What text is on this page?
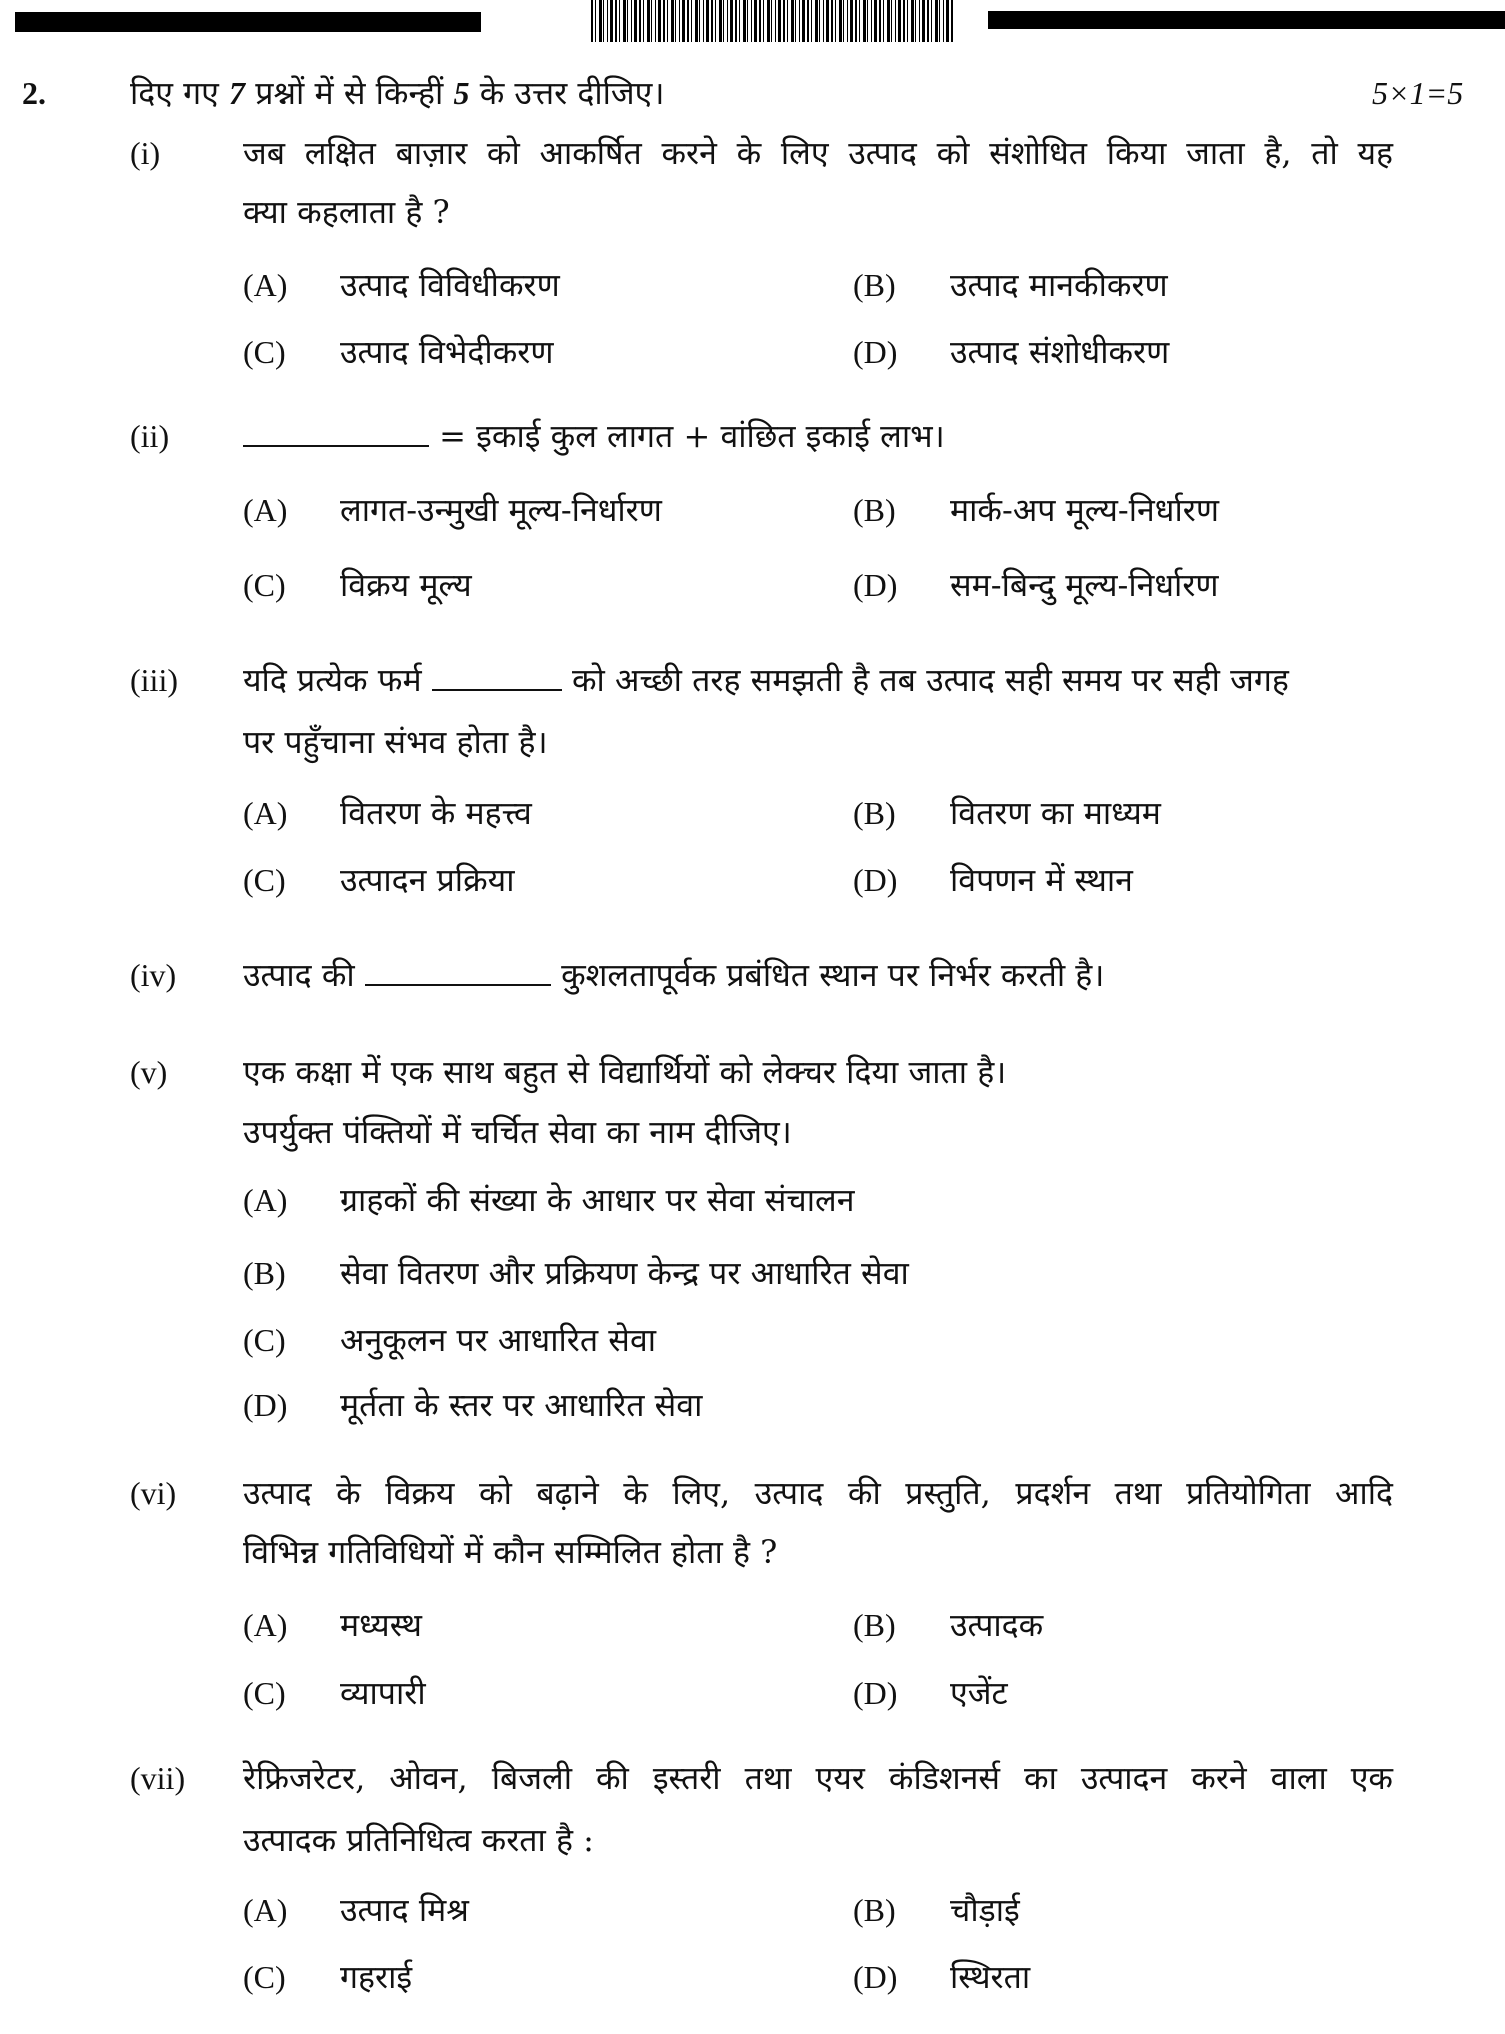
2.	दिए गए 7 प्रश्नों में से किन्हीं 5 के उत्तर दीजिए।	5×1=5
(i)	जब लक्षित बाज़ार को आकर्षित करने के लिए उत्पाद को संशोधित किया जाता है, तो यह
क्या कहलाता है ?
(A) उत्पाद विविधीकरण	(B) उत्पाद मानकीकरण
(C) उत्पाद विभेदीकरण	(D) उत्पाद संशोधीकरण
(ii)	= इकाई कुल लागत + वांछित इकाई लाभ।
(A) लागत-उन्मुखी मूल्य-निर्धारण	(B) मार्क-अप मूल्य-निर्धारण
(C) विक्रय मूल्य	(D) सम-बिन्दु मूल्य-निर्धारण
(iii) यदि प्रत्येक फर्म	को अच्छी तरह समझती है तब उत्पाद सही समय पर सही जगह
पर पहुँचाना संभव होता है।
(A) वितरण के महत्त्व	(B) वितरण का माध्यम
(C) उत्पादन प्रक्रिया	(D) विपणन में स्थान
(iv) उत्पाद की	कुशलतापूर्वक प्रबंधित स्थान पर निर्भर करती है।
(v) एक कक्षा में एक साथ बहुत से विद्यार्थियों को लेक्चर दिया जाता है।
उपर्युक्त पंक्तियों में चर्चित सेवा का नाम दीजिए।
(A) ग्राहकों की संख्या के आधार पर सेवा संचालन
(B) सेवा वितरण और प्रक्रियण केन्द्र पर आधारित सेवा
(C) अनुकूलन पर आधारित सेवा
(D) मूर्तता के स्तर पर आधारित सेवा
(vi) उत्पाद के विक्रय को बढ़ाने के लिए, उत्पाद की प्रस्तुति, प्रदर्शन तथा प्रतियोगिता आदि
विभिन्न गतिविधियों में कौन सम्मिलित होता है ?
(A) मध्यस्थ	(B) उत्पादक
(C) व्यापारी	(D) एजेंट
(vii) रेफ्रिजरेटर, ओवन, बिजली की इस्तरी तथा एयर कंडिशनर्स का उत्पादन करने वाला एक
उत्पादक प्रतिनिधित्व करता है :
(A) उत्पाद मिश्र	(B) चौड़ाई
(C) गहराई	(D) स्थिरता
